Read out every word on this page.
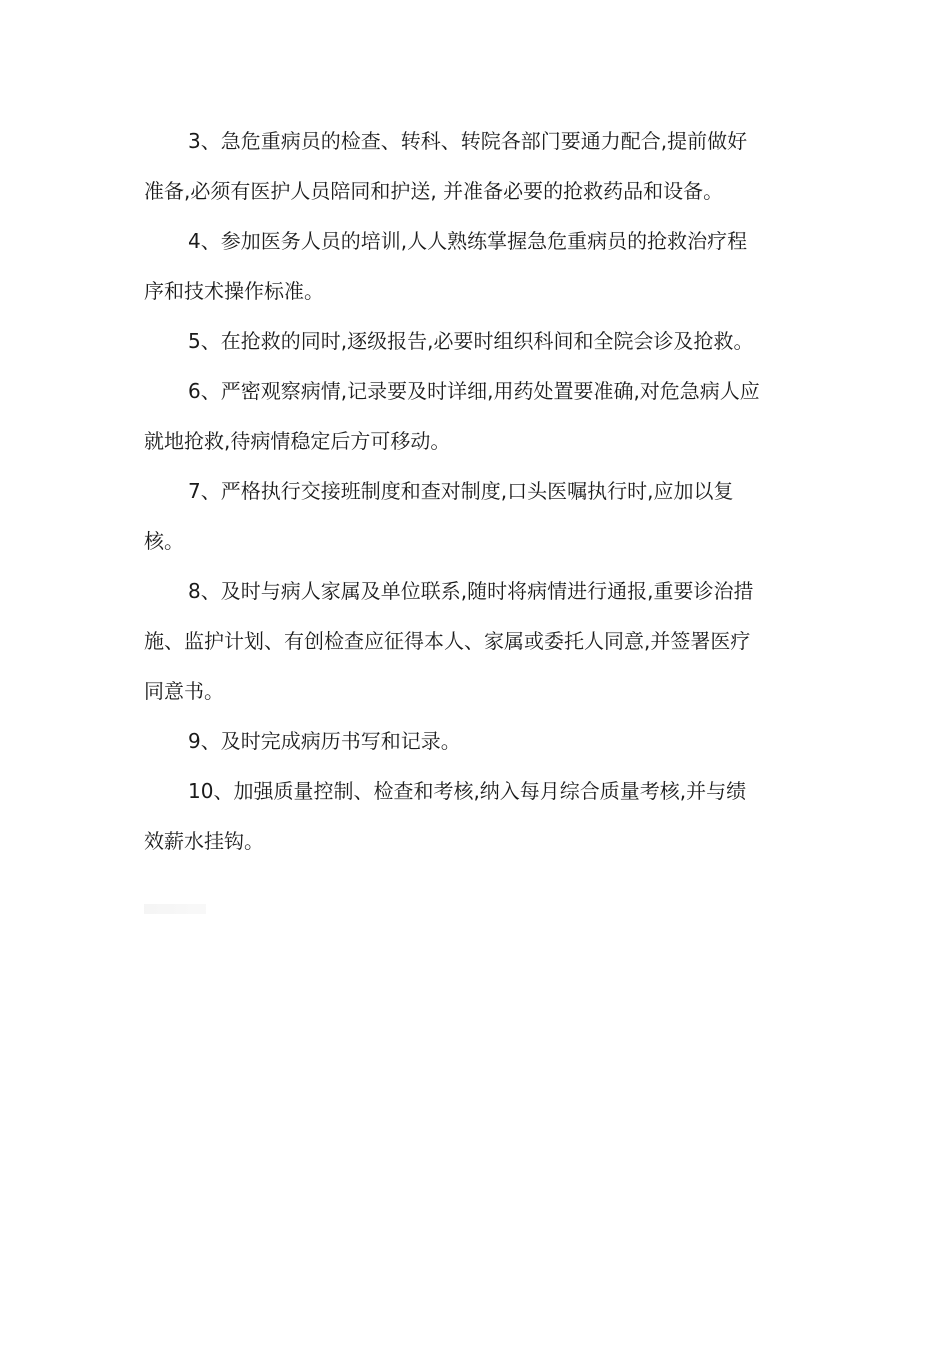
3、急危重病员的检查、转科、转院各部门要通力配合,提前做好准备,必须有医护人员陪同和护送, 并准备必要的抢救药品和设备。

4、参加医务人员的培训,人人熟练掌握急危重病员的抢救治疗程序和技术操作标准。

5、在抢救的同时,逐级报告,必要时组织科间和全院会诊及抢救。

6、严密观察病情,记录要及时详细,用药处置要准确,对危急病人应就地抢救,待病情稳定后方可移动。

7、严格执行交接班制度和查对制度,口头医嘱执行时,应加以复核。

8、及时与病人家属及单位联系,随时将病情进行通报,重要诊治措施、监护计划、有创检查应征得本人、家属或委托人同意,并签署医疗同意书。

9、及时完成病历书写和记录。

10、加强质量控制、检查和考核,纳入每月综合质量考核,并与绩效薪水挂钩。
